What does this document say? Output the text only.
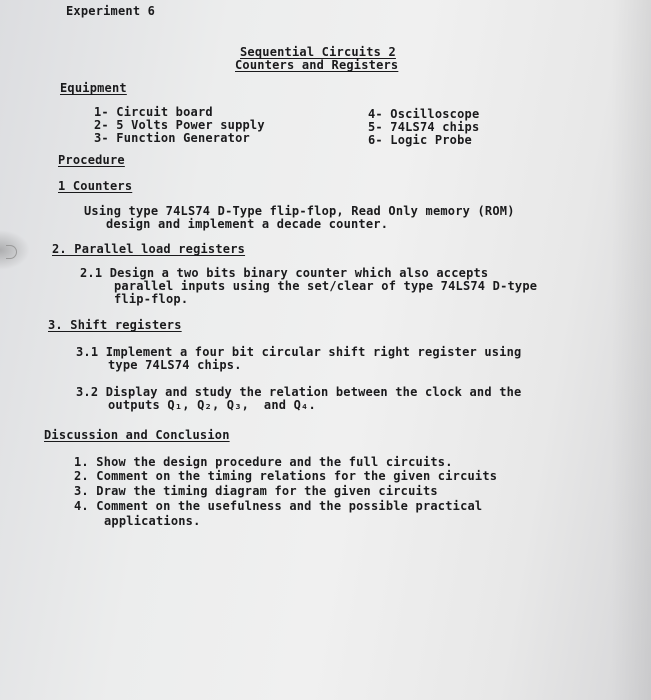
Experiment 6
Sequential Circuits 2
Counters and Registers
Equipment
1- Circuit board
2- 5 Volts Power supply
3- Function Generator
4- Oscilloscope
5- 74LS74 chips
6- Logic Probe
Procedure
1 Counters
Using type 74LS74 D-Type flip-flop, Read Only memory (ROM)
design and implement a decade counter.
2. Parallel load registers
2.1 Design a two bits binary counter which also accepts
parallel inputs using the set/clear of type 74LS74 D-type
flip-flop.
3. Shift registers
3.1 Implement a four bit circular shift right register using
type 74LS74 chips.
3.2 Display and study the relation between the clock and the
outputs Q₁, Q₂, Q₃,  and Q₄.
Discussion and Conclusion
1. Show the design procedure and the full circuits.
2. Comment on the timing relations for the given circuits
3. Draw the timing diagram for the given circuits
4. Comment on the usefulness and the possible practical
applications.
